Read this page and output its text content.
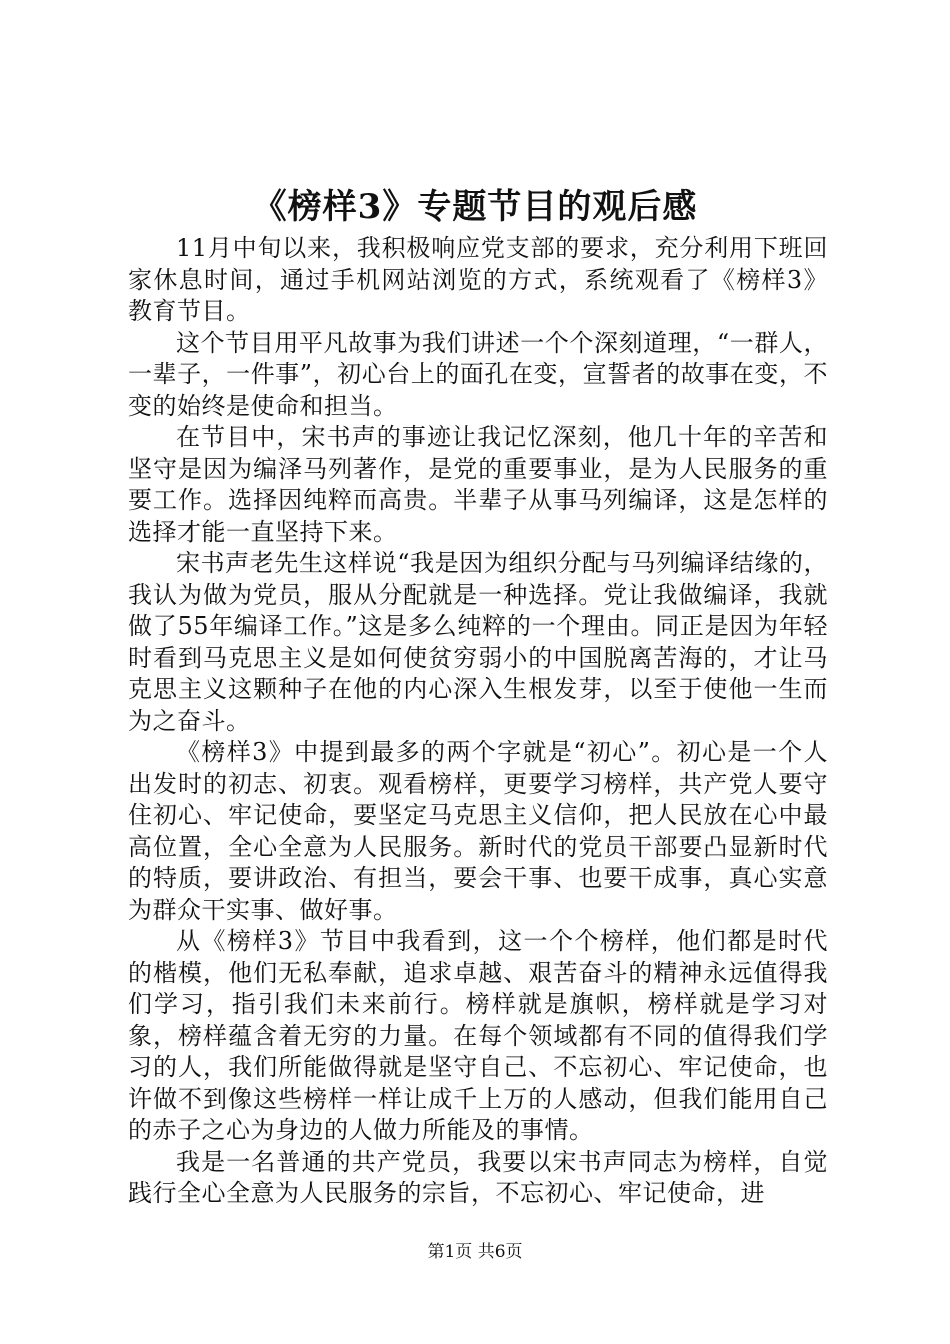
《榜样3》专题节目的观后感

11月中旬以来，我积极响应党支部的要求，充分利用下班回家休息时间，通过手机网站浏览的方式，系统观看了《榜样3》教育节目。

这个节目用平凡故事为我们讲述一个个深刻道理，“一群人，一辈子，一件事”，初心台上的面孔在变，宣誓者的故事在变，不变的始终是使命和担当。

在节目中，宋书声的事迹让我记忆深刻，他几十年的辛苦和坚守是因为编泽马列著作，是党的重要事业，是为人民服务的重要工作。选择因纯粹而高贵。半辈子从事马列编译，这是怎样的选择才能一直坚持下来。

宋书声老先生这样说“我是因为组织分配与马列编译结缘的，我认为做为党员，服从分配就是一种选择。党让我做编译，我就做了55年编译工作。”这是多么纯粹的一个理由。同正是因为年轻时看到马克思主义是如何使贫穷弱小的中国脱离苦海的，才让马克思主义这颗种子在他的内心深入生根发芽，以至于使他一生而为之奋斗。

《榜样3》中提到最多的两个字就是“初心”。初心是一个人出发时的初志、初衷。观看榜样，更要学习榜样，共产党人要守住初心、牢记使命，要坚定马克思主义信仰，把人民放在心中最高位置，全心全意为人民服务。新时代的党员干部要凸显新时代的特质，要讲政治、有担当，要会干事、也要干成事，真心实意为群众干实事、做好事。

从《榜样3》节目中我看到，这一个个榜样，他们都是时代的楷模，他们无私奉献，追求卓越、艰苦奋斗的精神永远值得我们学习，指引我们未来前行。榜样就是旗帜，榜样就是学习对象，榜样蕴含着无穷的力量。在每个领域都有不同的值得我们学习的人，我们所能做得就是坚守自己、不忘初心、牢记使命，也许做不到像这些榜样一样让成千上万的人感动，但我们能用自己的赤子之心为身边的人做力所能及的事情。

我是一名普通的共产党员，我要以宋书声同志为榜样，自觉践行全心全意为人民服务的宗旨，不忘初心、牢记使命，进

第1页 共6页
